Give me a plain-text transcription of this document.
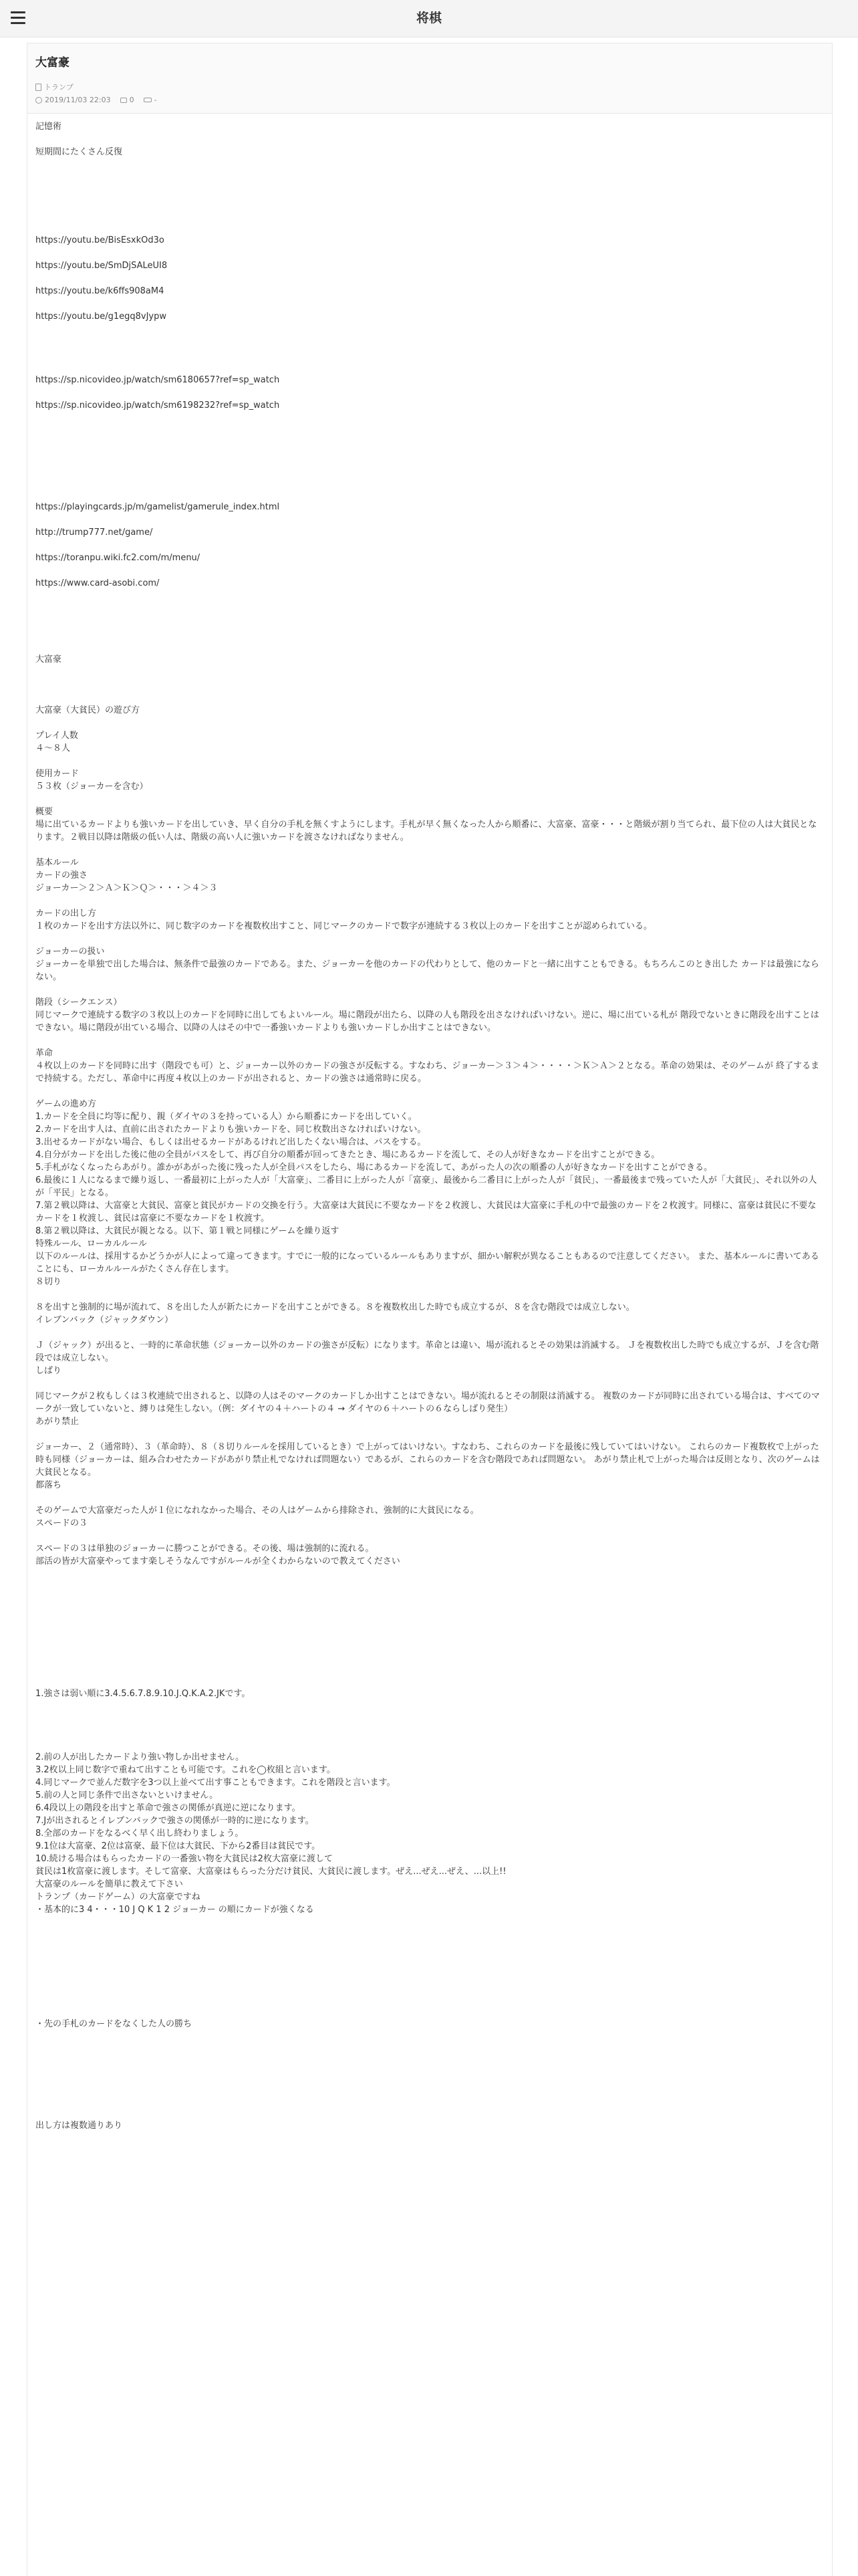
将棋
大富豪
トランプ
2019/11/03 22:03	0	-

記憶術

短期間にたくさん反復

https://youtu.be/BisEsxkOd3o
https://youtu.be/SmDjSALeUI8
https://youtu.be/k6ffs908aM4
https://youtu.be/g1egq8vJypw
https://sp.nicovideo.jp/watch/sm6180657?ref=sp_watch
https://sp.nicovideo.jp/watch/sm6198232?ref=sp_watch
https://playingcards.jp/m/gamelist/gamerule_index.html
http://trump777.net/game/
https://toranpu.wiki.fc2.com/m/menu/
https://www.card-asobi.com/

大富豪

大富豪（大貧民）の遊び方

プレイ人数

４〜８人

使用カード

５３枚（ジョーカーを含む）

概要

場に出ているカードよりも強いカードを出していき、早く自分の手札を無くすようにします。手札が早く無くなった人から順番に、大富豪、富豪・・・と階級が割り当てられ、最下位の人は大貧民となります。２戦目以降は階級の低い人は、階級の高い人に強いカードを渡さなければなりません。

基本ルール

カードの強さ

ジョーカー＞２＞Ａ＞Ｋ＞Ｑ＞・・・＞４＞３

カードの出し方

１枚のカードを出す方法以外に、同じ数字のカードを複数枚出すこと、同じマークのカードで数字が連続する３枚以上のカードを出すことが認められている。

ジョーカーの扱い

ジョーカーを単独で出した場合は、無条件で最強のカードである。また、ジョーカーを他のカードの代わりとして、他のカードと一緒に出すこともできる。もちろんこのとき出した カードは最強にならない。

階段（シークエンス）

同じマークで連続する数字の３枚以上のカードを同時に出してもよいルール。場に階段が出たら、以降の人も階段を出さなければいけない。逆に、場に出ている札が 階段でないときに階段を出すことはできない。場に階段が出ている場合、以降の人はその中で一番強いカードよりも強いカードしか出すことはできない。

革命

４枚以上のカードを同時に出す（階段でも可）と、ジョーカー以外のカードの強さが反転する。すなわち、ジョーカー＞３＞４＞・・・・＞Ｋ＞Ａ＞２となる。革命の効果は、そのゲームが 終了するまで持続する。ただし、革命中に再度４枚以上のカードが出されると、カードの強さは通常時に戻る。

ゲームの進め方

1.カードを全員に均等に配り、親（ダイヤの３を持っている人）から順番にカードを出していく。

2.カードを出す人は、直前に出されたカードよりも強いカードを、同じ枚数出さなければいけない。

3.出せるカードがない場合、もしくは出せるカードがあるけれど出したくない場合は、パスをする。

4.自分がカードを出した後に他の全員がパスをして、再び自分の順番が回ってきたとき、場にあるカードを流して、その人が好きなカードを出すことができる。

5.手札がなくなったらあがり。誰かがあがった後に残った人が全員パスをしたら、場にあるカードを流して、あがった人の次の順番の人が好きなカードを出すことができる。

6.最後に１人になるまで繰り返し、一番最初に上がった人が「大富豪」、二番目に上がった人が「富豪」、最後から二番目に上がった人が「貧民」、一番最後まで残っていた人が「大貧民」、それ以外の人が「平民」となる。

7.第２戦以降は、大富豪と大貧民、富豪と貧民がカードの交換を行う。大富豪は大貧民に不要なカードを２枚渡し、大貧民は大富豪に手札の中で最強のカードを２枚渡す。同様に、富豪は貧民に不要なカードを１枚渡し、貧民は富豪に不要なカードを１枚渡す。

8.第２戦以降は、大貧民が親となる。以下、第１戦と同様にゲームを繰り返す

特殊ルール、ローカルルール

以下のルールは、採用するかどうかが人によって違ってきます。すでに一般的になっているルールもありますが、細かい解釈が異なることもあるので注意してください。 また、基本ルールに書いてあることにも、ローカルルールがたくさん存在します。

８切り

８を出すと強制的に場が流れて、８を出した人が新たにカードを出すことができる。８を複数枚出した時でも成立するが、８を含む階段では成立しない。

イレブンバック（ジャックダウン）

Ｊ（ジャック）が出ると、一時的に革命状態（ジョーカー以外のカードの強さが反転）になります。革命とは違い、場が流れるとその効果は消滅する。 Ｊを複数枚出した時でも成立するが、Ｊを含む階段では成立しない。

しばり

同じマークが２枚もしくは３枚連続で出されると、以降の人はそのマークのカードしか出すことはできない。場が流れるとその制限は消滅する。 複数のカードが同時に出されている場合は、すべてのマークが一致していないと、縛りは発生しない。（例：ダイヤの４＋ハートの４ → ダイヤの６＋ハートの６ならしばり発生）

あがり禁止

ジョーカー、２（通常時）、３（革命時）、８（８切りルールを採用しているとき）で上がってはいけない。すなわち、これらのカードを最後に残していてはいけない。 これらのカード複数枚で上がった時も同様（ジョーカーは、組み合わせたカードがあがり禁止札でなければ問題ない）であるが、これらのカードを含む階段であれば問題ない。 あがり禁止札で上がった場合は反則となり、次のゲームは大貧民となる。

都落ち

そのゲームで大富豪だった人が１位になれなかった場合、その人はゲームから排除され、強制的に大貧民になる。

スペードの３

スペードの３は単独のジョーカーに勝つことができる。その後、場は強制的に流れる。

部活の皆が大富豪やってます楽しそうなんですがルールが全くわからないので教えてください

1.強さは弱い順に3.4.5.6.7.8.9.10.J.Q.K.A.2.JKです。

2.前の人が出したカードより強い物しか出せません。

3.2枚以上同じ数字で重ねて出すことも可能です。これを◯枚組と言います。

4.同じマークで並んだ数字を3つ以上並べて出す事こともできます。これを階段と言います。

5.前の人と同じ条件で出さないといけません。

6.4段以上の階段を出すと革命で強さの関係が真逆に逆になります。

7.Jが出されるとイレブンバックで強さの関係が一時的に逆になります。

8.全部のカードをなるべく早く出し終わりましょう。

9.1位は大富豪、2位は富豪、最下位は大貧民、下から2番目は貧民です。

10.続ける場合はもらったカードの一番強い物を大貧民は2枚大富豪に渡して

貧民は1枚富豪に渡します。そして富豪、大富豪はもらった分だけ貧民、大貧民に渡します。ぜえ...ぜえ...ぜえ、...以上!!

大富豪のルールを簡単に教えて下さい

トランプ（カードゲーム）の大富豪ですね

・基本的に3 4・・・10 J Q K 1 2 ジョーカー の順にカードが強くなる

・先の手札のカードをなくした人の勝ち

出し方は複数通りあり
